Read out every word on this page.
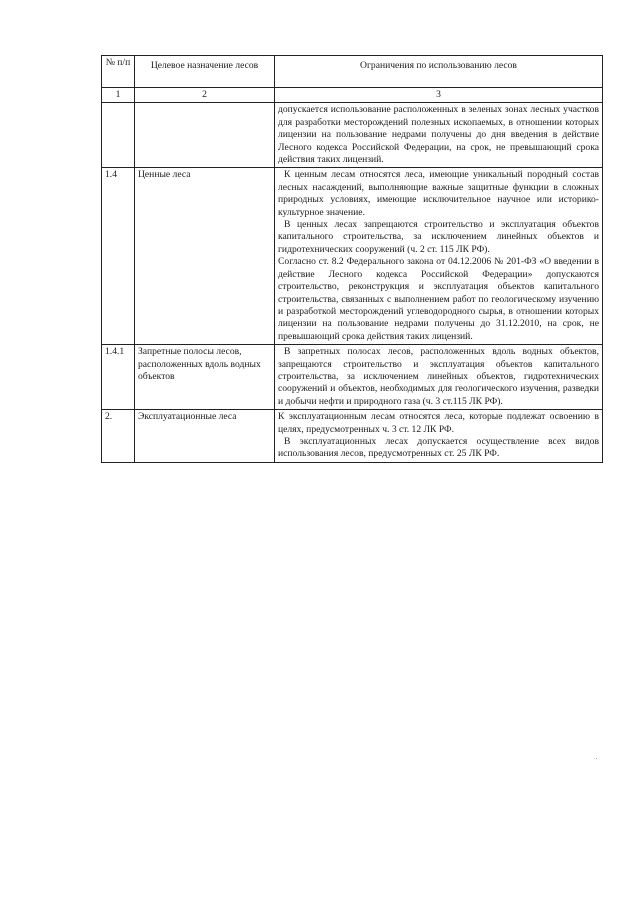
№ п/п	Целевое назначение лесов	Ограничения по использованию лесов
1	2	3

		допускается использование расположенных в зеленых зонах лесных участков для разработки месторождений полезных ископаемых, в отношении которых лицензии на пользование недрами получены до дня введения в действие Лесного кодекса Российской Федерации, на срок, не превышающий срока действия таких лицензий.

1.4	Ценные леса	К ценным лесам относятся леса, имеющие уникальный породный состав лесных насаждений, выполняющие важные защитные функции в сложных природных условиях, имеющие исключительное научное или историко-культурное значение.

В ценных лесах запрещаются строительство и эксплуатация объектов капитального строительства, за исключением линейных объектов и гидротехнических сооружений (ч. 2 ст. 115 ЛК РФ).

Согласно ст. 8.2 Федерального закона от 04.12.2006 № 201-ФЗ «О введении в действие Лесного кодекса Российской Федерации» допускаются строительство, реконструкция и эксплуатация объектов капитального строительства, связанных с выполнением работ по геологическому изучению и разработкой месторождений углеводородного сырья, в отношении которых лицензии на пользование недрами получены до 31.12.2010, на срок, не превышающий срока действия таких лицензий.

1.4.1	Запретные полосы лесов, расположенных вдоль водных объектов	В запретных полосах лесов, расположенных вдоль водных объектов, запрещаются строительство и эксплуатация объектов капитального строительства, за исключением линейных объектов, гидротехнических сооружений и объектов, необходимых для геологического изучения, разведки и добычи нефти и природного газа (ч. 3 ст.115 ЛК РФ).

2.	Эксплуатационные леса	К эксплуатационным лесам относятся леса, которые подлежат освоению в целях, предусмотренных ч. 3 ст. 12 ЛК РФ.

В эксплуатационных лесах допускается осуществление всех видов использования лесов, предусмотренных ст. 25 ЛК РФ.
